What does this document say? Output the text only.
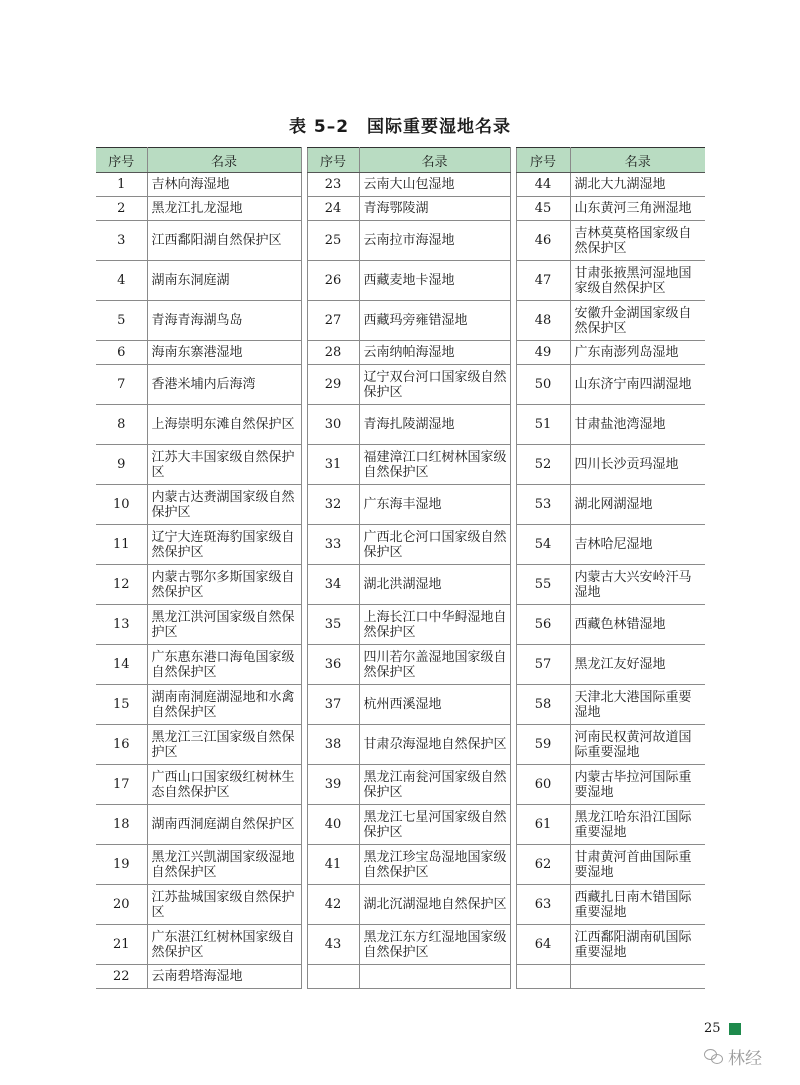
表 5–2　国际重要湿地名录
序号	名录
1	吉林向海湿地
2	黑龙江扎龙湿地
3	江西鄱阳湖自然保护区
4	湖南东洞庭湖
5	青海青海湖鸟岛
6	海南东寨港湿地
7	香港米埔内后海湾
8	上海崇明东滩自然保护区
9	江苏大丰国家级自然保护区
10	内蒙古达赉湖国家级自然保护区
11	辽宁大连斑海豹国家级自然保护区
12	内蒙古鄂尔多斯国家级自然保护区
13	黑龙江洪河国家级自然保护区
14	广东惠东港口海龟国家级自然保护区
15	湖南南洞庭湖湿地和水禽自然保护区
16	黑龙江三江国家级自然保护区
17	广西山口国家级红树林生态自然保护区
18	湖南西洞庭湖自然保护区
19	黑龙江兴凯湖国家级湿地自然保护区
20	江苏盐城国家级自然保护区
21	广东湛江红树林国家级自然保护区
22	云南碧塔海湿地
序号	名录
23	云南大山包湿地
24	青海鄂陵湖
25	云南拉市海湿地
26	西藏麦地卡湿地
27	西藏玛旁雍错湿地
28	云南纳帕海湿地
29	辽宁双台河口国家级自然保护区
30	青海扎陵湖湿地
31	福建漳江口红树林国家级自然保护区
32	广东海丰湿地
33	广西北仑河口国家级自然保护区
34	湖北洪湖湿地
35	上海长江口中华鲟湿地自然保护区
36	四川若尔盖湿地国家级自然保护区
37	杭州西溪湿地
38	甘肃尕海湿地自然保护区
39	黑龙江南瓮河国家级自然保护区
40	黑龙江七星河国家级自然保护区
41	黑龙江珍宝岛湿地国家级自然保护区
42	湖北沉湖湿地自然保护区
43	黑龙江东方红湿地国家级自然保护区

序号	名录
44	湖北大九湖湿地
45	山东黄河三角洲湿地
46	吉林莫莫格国家级自然保护区
47	甘肃张掖黑河湿地国家级自然保护区
48	安徽升金湖国家级自然保护区
49	广东南澎列岛湿地
50	山东济宁南四湖湿地
51	甘肃盐池湾湿地
52	四川长沙贡玛湿地
53	湖北网湖湿地
54	吉林哈尼湿地
55	内蒙古大兴安岭汗马湿地
56	西藏色林错湿地
57	黑龙江友好湿地
58	天津北大港国际重要湿地
59	河南民权黄河故道国际重要湿地
60	内蒙古毕拉河国际重要湿地
61	黑龙江哈东沿江国际重要湿地
62	甘肃黄河首曲国际重要湿地
63	西藏扎日南木错国际重要湿地
64	江西鄱阳湖南矶国际重要湿地

25
林经
